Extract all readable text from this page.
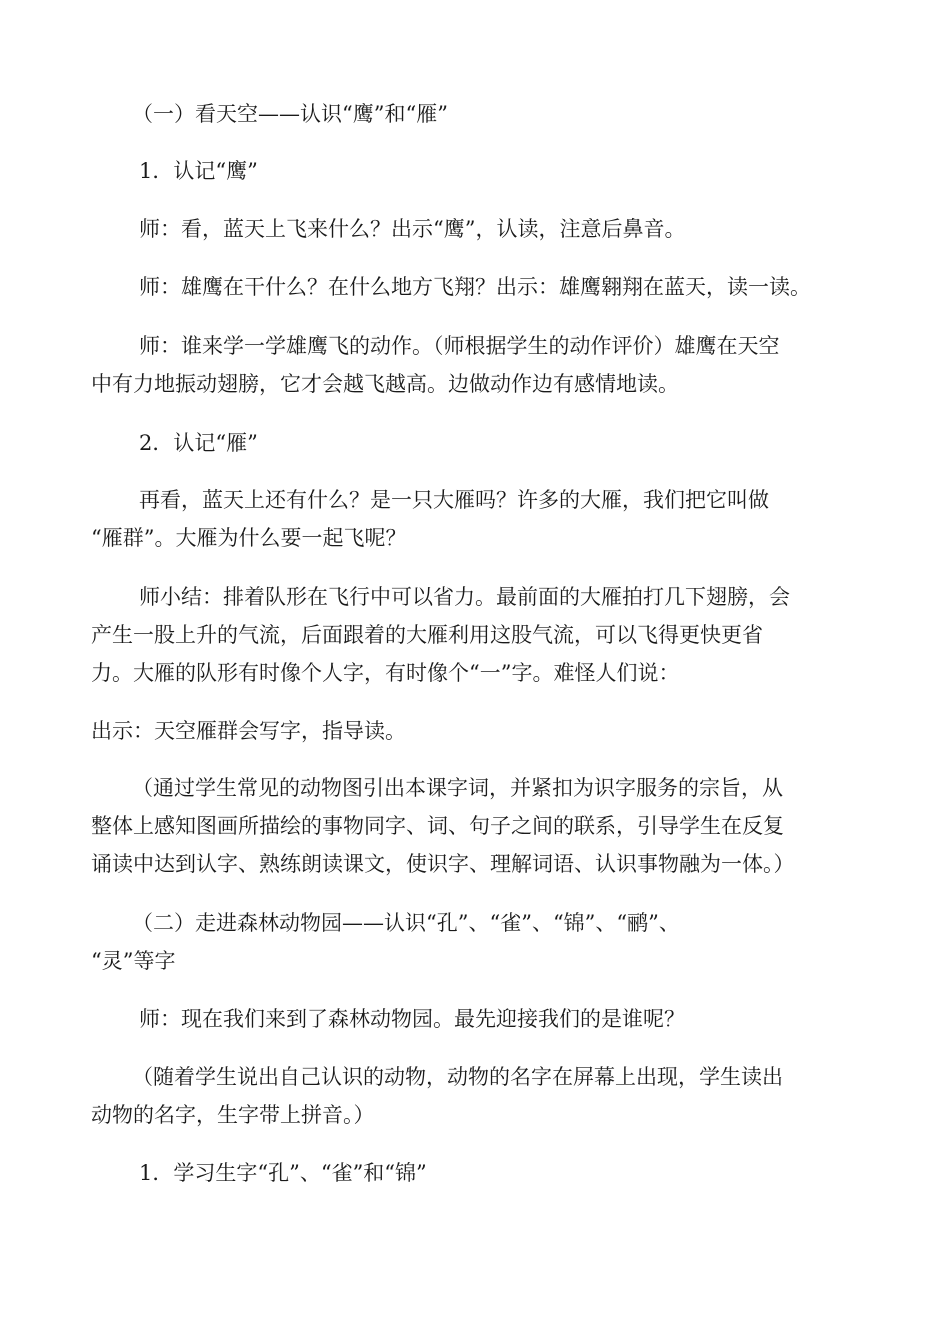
（一）看天空——认识“鹰”和“雁”
1．认记“鹰”
师：看，蓝天上飞来什么？出示“鹰”，认读，注意后鼻音。
师：雄鹰在干什么？在什么地方飞翔？出示：雄鹰翱翔在蓝天，读一读。
师：谁来学一学雄鹰飞的动作。（师根据学生的动作评价）雄鹰在天空
中有力地振动翅膀，它才会越飞越高。边做动作边有感情地读。
2．认记“雁”
再看，蓝天上还有什么？是一只大雁吗？许多的大雁，我们把它叫做
“雁群”。大雁为什么要一起飞呢？
师小结：排着队形在飞行中可以省力。最前面的大雁拍打几下翅膀，会
产生一股上升的气流，后面跟着的大雁利用这股气流，可以飞得更快更省
力。大雁的队形有时像个人字，有时像个“一”字。难怪人们说：
出示：天空雁群会写字，指导读。
（通过学生常见的动物图引出本课字词，并紧扣为识字服务的宗旨，从
整体上感知图画所描绘的事物同字、词、句子之间的联系，引导学生在反复
诵读中达到认字、熟练朗读课文，使识字、理解词语、认识事物融为一体。）
（二）走进森林动物园——认识“孔”、“雀”、“锦”、“鹂”、
“灵”等字
师：现在我们来到了森林动物园。最先迎接我们的是谁呢？
（随着学生说出自己认识的动物，动物的名字在屏幕上出现，学生读出
动物的名字，生字带上拼音。）
1．学习生字“孔”、“雀”和“锦”
